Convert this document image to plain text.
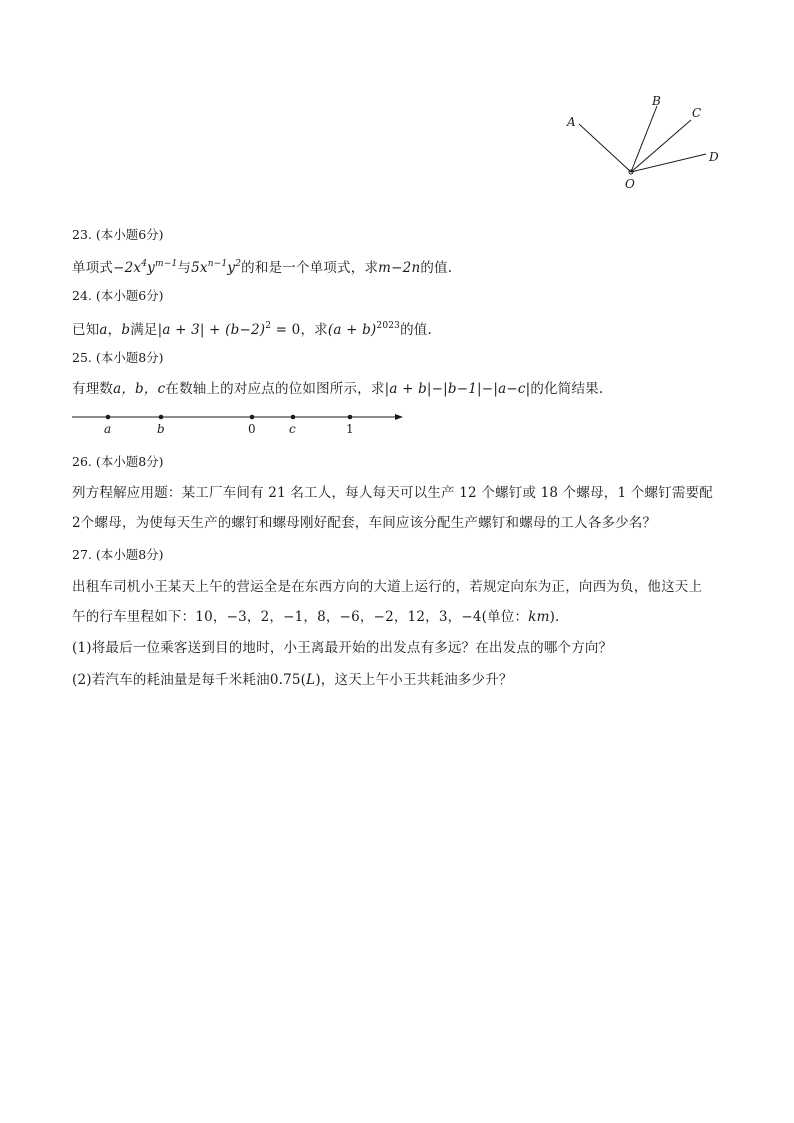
A
B
C
D
O
23. (本小题6分)
单项式$-2x^4y^{m-1}$与$5x^{n-1}y^2$的和是一个单项式，求m−2n的值.
24. (本小题6分)
已知a，b满足$|a + 3| + (b-2)^2 = 0$，求$(a + b)^{2023}$的值.
25. (本小题8分)
有理数a，b，c在数轴上的对应点的位如图所示，求|a + b|−|b−1|−|a−c|的化简结果.
a	b	0	c	1
26. (本小题8分)
列方程解应用题：某工厂车间有 21 名工人，每人每天可以生产 12 个螺钉或 18 个螺母，1 个螺钉需要配
2个螺母，为使每天生产的螺钉和螺母刚好配套，车间应该分配生产螺钉和螺母的工人各多少名？
27. (本小题8分)
出租车司机小王某天上午的营运全是在东西方向的大道上运行的，若规定向东为正，向西为负，他这天上
午的行车里程如下：10，−3，2，−1，8，−6，−2，12，3，−4(单位：km).
(1)将最后一位乘客送到目的地时，小王离最开始的出发点有多远？在出发点的哪个方向？
(2)若汽车的耗油量是每千米耗油0.75(L)，这天上午小王共耗油多少升？
